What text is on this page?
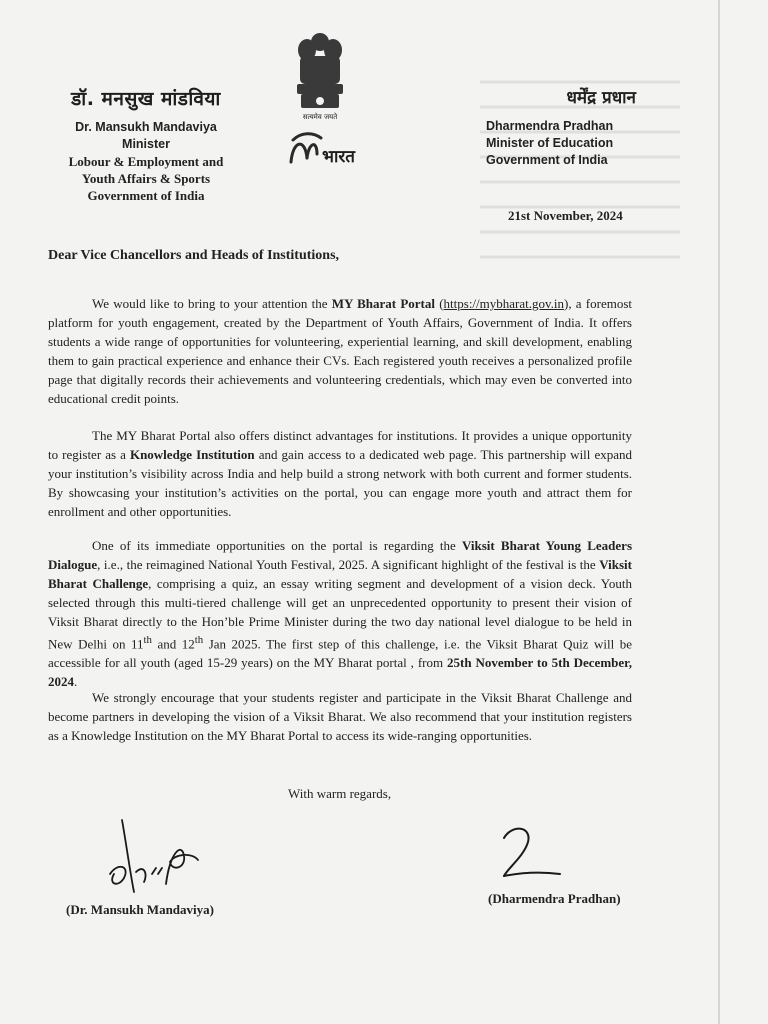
डॉ. मनसुख मांडविया
Dr. Mansukh Mandaviya
Minister
Lobour & Employment and
Youth Affairs & Sports
Government of India
सत्यमेव जयते
भारत
धर्मेंद्र प्रधान
Dharmendra Pradhan
Minister of Education
Government of India
21st November, 2024
Dear Vice Chancellors and Heads of Institutions,
We would like to bring to your attention the MY Bharat Portal (https://mybharat.gov.in), a foremost platform for youth engagement, created by the Department of Youth Affairs, Government of India. It offers students a wide range of opportunities for volunteering, experiential learning, and skill development, enabling them to gain practical experience and enhance their CVs. Each registered youth receives a personalized profile page that digitally records their achievements and volunteering credentials, which may even be converted into educational credit points.
The MY Bharat Portal also offers distinct advantages for institutions. It provides a unique opportunity to register as a Knowledge Institution and gain access to a dedicated web page. This partnership will expand your institution’s visibility across India and help build a strong network with both current and former students. By showcasing your institution’s activities on the portal, you can engage more youth and attract them for enrollment and other opportunities.
One of its immediate opportunities on the portal is regarding the Viksit Bharat Young Leaders Dialogue, i.e., the reimagined National Youth Festival, 2025. A significant highlight of the festival is the Viksit Bharat Challenge, comprising a quiz, an essay writing segment and development of a vision deck. Youth selected through this multi-tiered challenge will get an unprecedented opportunity to present their vision of Viksit Bharat directly to the Hon’ble Prime Minister during the two day national level dialogue to be held in New Delhi on 11th and 12th Jan 2025. The first step of this challenge, i.e. the Viksit Bharat Quiz will be accessible for all youth (aged 15-29 years) on the MY Bharat portal , from 25th November to 5th December, 2024.
We strongly encourage that your students register and participate in the Viksit Bharat Challenge and become partners in developing the vision of a Viksit Bharat. We also recommend that your institution registers as a Knowledge Institution on the MY Bharat Portal to access its wide-ranging opportunities.
With warm regards,
(Dr. Mansukh Mandaviya)
(Dharmendra Pradhan)
